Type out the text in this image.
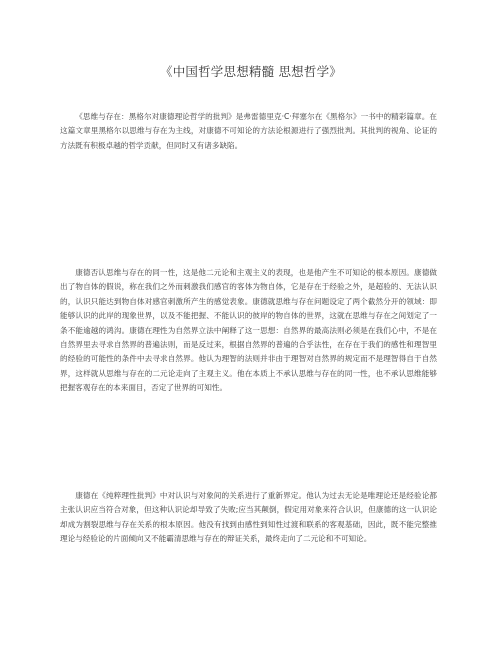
《中国哲学思想精髓 思想哲学》

《思维与存在：黑格尔对康德理论哲学的批判》是弗雷德里克·C·拜塞尔在《黑格尔》一书中的精彩篇章。在这篇文章里黑格尔以思维与存在为主线，对康德不可知论的方法论根源进行了强烈批判。其批判的视角、论证的方法既有积极卓越的哲学贡献，但同时又有诸多缺陷。

康德否认思维与存在的同一性，这是他二元论和主观主义的表现，也是他产生不可知论的根本原因。康德做出了物自体的假说，称在我们之外而刺激我们感官的客体为物自体，它是存在于经验之外，是超验的、无法认识的，认识只能达到物自体对感官刺激所产生的感觉表象。康德就思维与存在问题设定了两个截然分开的领域：即能够认识的此岸的现象世界，以及不能把握、不能认识的彼岸的物自体的世界，这就在思维与存在之间划定了一条不能逾越的鸿沟。康德在理性为自然界立法中阐释了这一思想：自然界的最高法则必须是在我们心中，不是在自然界里去寻求自然界的普遍法则，而是反过来，根据自然界的普遍的合乎法性，在存在于我们的感性和理智里的经验的可能性的条件中去寻求自然界。他认为理智的法则并非由于理智对自然界的规定而不是理智得自于自然界，这样就从思维与存在的二元论走向了主观主义。他在本质上不承认思维与存在的同一性，也不承认思维能够把握客观存在的本来面目，否定了世界的可知性。

康德在《纯粹理性批判》中对认识与对象间的关系进行了重新界定。他认为过去无论是唯理论还是经验论都主张认识应当符合对象，但这种认识论却导致了失败;应当其颠倒，假定用对象来符合认识，但康德的这一认识论却成为割裂思维与存在关系的根本原因。他没有找到由感性到知性过渡和联系的客观基础，因此，既不能完整推理论与经验论的片面倾向又不能霸清思维与存在的辩证关系，最终走向了二元论和不可知论。
